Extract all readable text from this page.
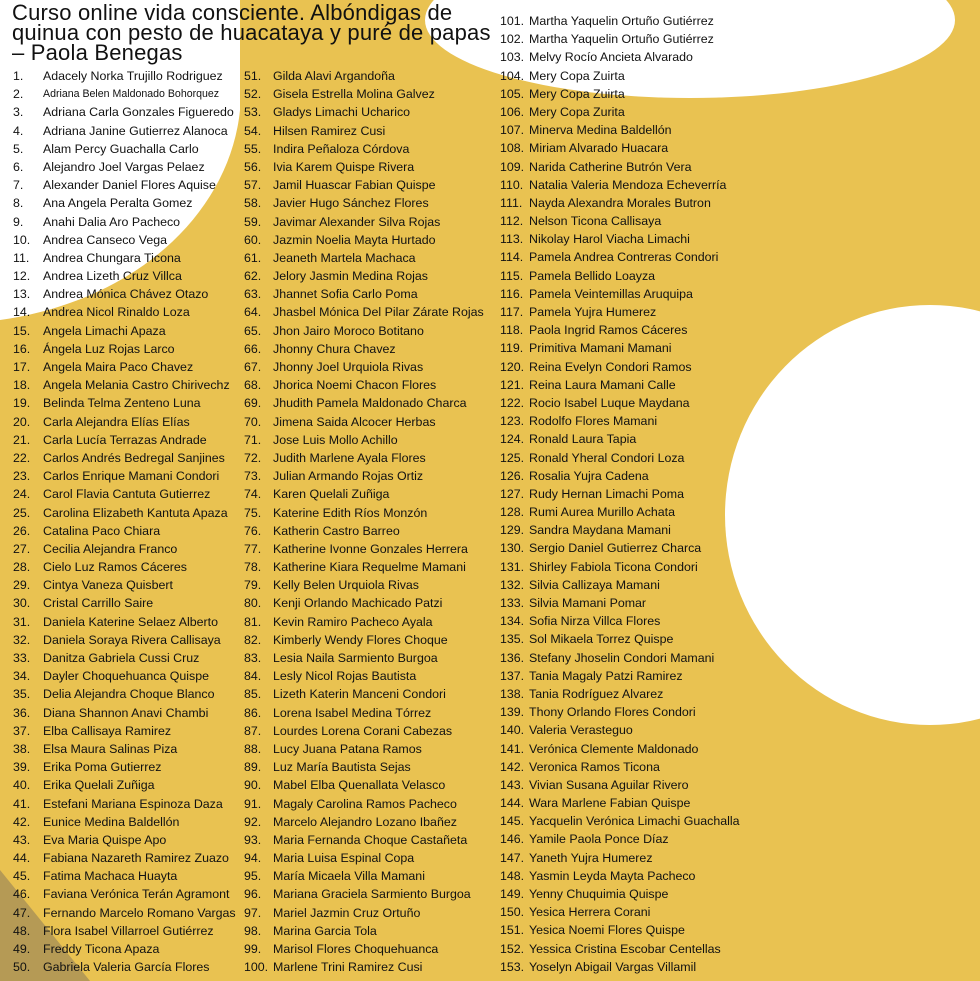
Curso online vida consciente. Albóndigas de quinua con pesto de huacataya y puré de papas – Paola Benegas
1. Adacely Norka Trujillo Rodriguez
2. Adriana Belen Maldonado Bohorquez
3. Adriana Carla Gonzales Figueredo
4. Adriana Janine Gutierrez Alanoca
5. Alam Percy Guachalla Carlo
6. Alejandro Joel Vargas Pelaez
7. Alexander Daniel Flores Aquise
8. Ana Angela Peralta Gomez
9. Anahi Dalia Aro Pacheco
10. Andrea Canseco Vega
11. Andrea Chungara Ticona
12. Andrea Lizeth Cruz Villca
13. Andrea Mónica Chávez Otazo
14. Andrea Nicol Rinaldo Loza
15. Angela Limachi Apaza
16. Ángela Luz Rojas Larco
17. Angela Maira Paco Chavez
18. Angela Melania Castro Chirivechz
19. Belinda Telma Zenteno Luna
20. Carla Alejandra Elías Elías
21. Carla Lucía Terrazas Andrade
22. Carlos Andrés Bedregal Sanjines
23. Carlos Enrique Mamani Condori
24. Carol Flavia Cantuta Gutierrez
25. Carolina Elizabeth Kantuta Apaza
26. Catalina Paco Chiara
27. Cecilia Alejandra Franco
28. Cielo Luz Ramos Cáceres
29. Cintya Vaneza Quisbert
30. Cristal Carrillo Saire
31. Daniela Katerine Selaez Alberto
32. Daniela Soraya Rivera Callisaya
33. Danitza Gabriela Cussi Cruz
34. Dayler Choquehuanca Quispe
35. Delia Alejandra Choque Blanco
36. Diana Shannon Anavi Chambi
37. Elba Callisaya Ramirez
38. Elsa Maura Salinas Piza
39. Erika Poma Gutierrez
40. Erika Quelali Zuñiga
41. Estefani Mariana Espinoza Daza
42. Eunice Medina Baldellón
43. Eva Maria Quispe Apo
44. Fabiana Nazareth Ramirez Zuazo
45. Fatima Machaca Huayta
46. Faviana Verónica Terán Agramont
47. Fernando Marcelo Romano Vargas
48. Flora Isabel Villarroel Gutiérrez
49. Freddy Ticona Apaza
50. Gabriela Valeria García Flores
51. Gilda Alavi Argandoña
52. Gisela Estrella Molina Galvez
53. Gladys Limachi Ucharico
54. Hilsen Ramirez Cusi
55. Indira Peñaloza Córdova
56. Ivia Karem Quispe Rivera
57. Jamil Huascar Fabian Quispe
58. Javier Hugo Sánchez Flores
59. Javimar Alexander Silva Rojas
60. Jazmin Noelia Mayta Hurtado
61. Jeaneth Martela Machaca
62. Jelory Jasmin Medina Rojas
63. Jhannet Sofia Carlo Poma
64. Jhasbel Mónica Del Pilar Zárate Rojas
65. Jhon Jairo Moroco Botitano
66. Jhonny Chura Chavez
67. Jhonny Joel Urquiola Rivas
68. Jhorica Noemi Chacon Flores
69. Jhudith Pamela Maldonado Charca
70. Jimena Saida Alcocer Herbas
71. Jose Luis Mollo Achillo
72. Judith Marlene Ayala Flores
73. Julian Armando Rojas Ortiz
74. Karen Quelali Zuñiga
75. Katerine Edith Ríos Monzón
76. Katherin Castro Barreo
77. Katherine Ivonne Gonzales Herrera
78. Katherine Kiara Requelme Mamani
79. Kelly Belen Urquiola Rivas
80. Kenji Orlando Machicado Patzi
81. Kevin Ramiro Pacheco Ayala
82. Kimberly Wendy Flores Choque
83. Lesia Naila Sarmiento Burgoa
84. Lesly Nicol Rojas Bautista
85. Lizeth Katerin Manceni Condori
86. Lorena Isabel Medina Tórrez
87. Lourdes Lorena Corani Cabezas
88. Lucy Juana Patana Ramos
89. Luz María Bautista Sejas
90. Mabel Elba Quenallata Velasco
91. Magaly Carolina Ramos Pacheco
92. Marcelo Alejandro Lozano Ibañez
93. Maria Fernanda Choque Castañeta
94. Maria Luisa Espinal Copa
95. María Micaela Villa Mamani
96. Mariana Graciela Sarmiento Burgoa
97. Mariel Jazmin Cruz Ortuño
98. Marina Garcia Tola
99. Marisol Flores Choquehuanca
100. Marlene Trini Ramirez Cusi
101. Martha Yaquelin Ortuño Gutiérrez
102. Martha Yaquelin Ortuño Gutiérrez
103. Melvy Rocío Ancieta Alvarado
104. Mery Copa Zuirta
105. Mery Copa Zuirta
106. Mery Copa Zurita
107. Minerva Medina Baldellón
108. Miriam Alvarado Huacara
109. Narida Catherine Butrón Vera
110. Natalia Valeria Mendoza Echeverría
111. Nayda Alexandra Morales Butron
112. Nelson Ticona Callisaya
113. Nikolay Harol Viacha Limachi
114. Pamela Andrea Contreras Condori
115. Pamela Bellido Loayza
116. Pamela Veintemillas Aruquipa
117. Pamela Yujra Humerez
118. Paola Ingrid Ramos Cáceres
119. Primitiva Mamani Mamani
120. Reina Evelyn Condori Ramos
121. Reina Laura Mamani Calle
122. Rocio Isabel Luque Maydana
123. Rodolfo Flores Mamani
124. Ronald Laura Tapia
125. Ronald Yheral Condori Loza
126. Rosalia Yujra Cadena
127. Rudy Hernan Limachi Poma
128. Rumi Aurea Murillo Achata
129. Sandra Maydana Mamani
130. Sergio Daniel Gutierrez Charca
131. Shirley Fabiola Ticona Condori
132. Silvia Callizaya Mamani
133. Silvia Mamani Pomar
134. Sofia Nirza Villca Flores
135. Sol Mikaela Torrez Quispe
136. Stefany Jhoselin Condori Mamani
137. Tania Magaly Patzi Ramirez
138. Tania Rodríguez Alvarez
139. Thony Orlando Flores Condori
140. Valeria Verasteguo
141. Verónica Clemente Maldonado
142. Veronica Ramos Ticona
143. Vivian Susana Aguilar Rivero
144. Wara Marlene Fabian Quispe
145. Yacquelin Verónica Limachi Guachalla
146. Yamile Paola Ponce Díaz
147. Yaneth Yujra Humerez
148. Yasmin Leyda Mayta Pacheco
149. Yenny Chuquimia Quispe
150. Yesica Herrera Corani
151. Yesica Noemi Flores Quispe
152. Yessica Cristina Escobar Centellas
153. Yoselyn Abigail Vargas Villamil
